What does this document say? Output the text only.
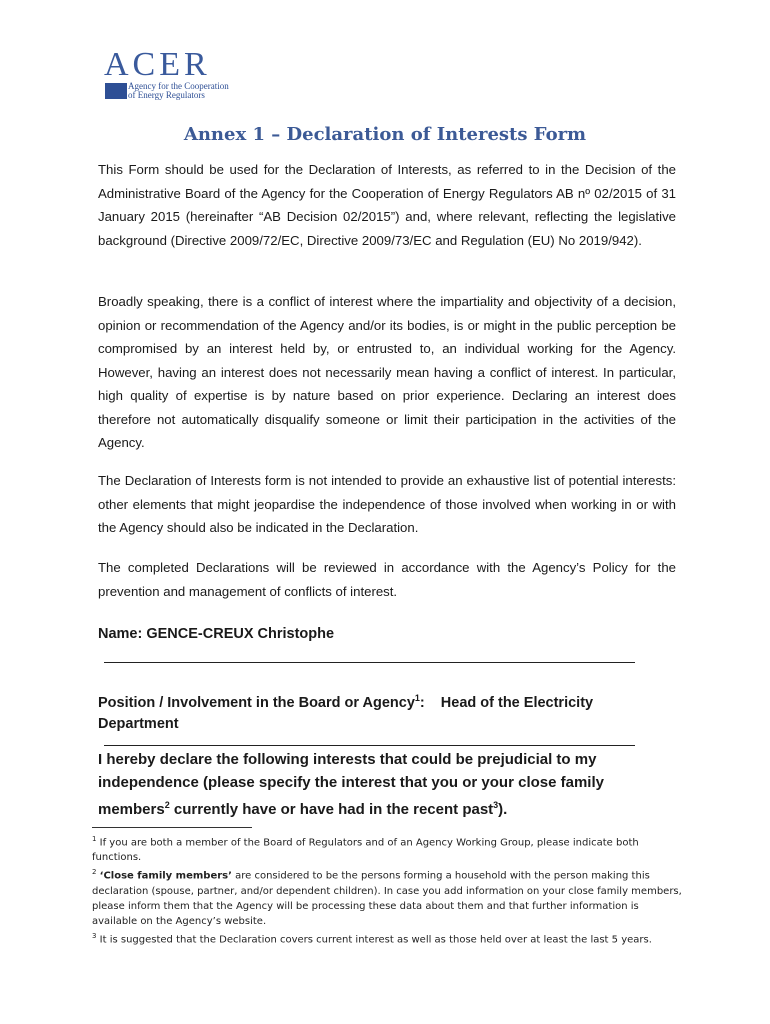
ACER
Agency for the Cooperation
of Energy Regulators
Annex 1 – Declaration of Interests Form

This Form should be used for the Declaration of Interests, as referred to in the Decision of the Administrative Board of the Agency for the Cooperation of Energy Regulators AB nº 02/2015 of 31 January 2015 (hereinafter “AB Decision 02/2015”) and, where relevant, reflecting the legislative background (Directive 2009/72/EC, Directive 2009/73/EC and Regulation (EU) No 2019/942).

Broadly speaking, there is a conflict of interest where the impartiality and objectivity of a decision, opinion or recommendation of the Agency and/or its bodies, is or might in the public perception be compromised by an interest held by, or entrusted to, an individual working for the Agency. However, having an interest does not necessarily mean having a conflict of interest. In particular, high quality of expertise is by nature based on prior experience. Declaring an interest does therefore not automatically disqualify someone or limit their participation in the activities of the Agency.

The Declaration of Interests form is not intended to provide an exhaustive list of potential interests: other elements that might jeopardise the independence of those involved when working in or with the Agency should also be indicated in the Declaration.

The completed Declarations will be reviewed in accordance with the Agency’s Policy for the prevention and management of conflicts of interest.

Name: GENCE-CREUX Christophe
Position / Involvement in the Board or Agency$^1$: Head of the Electricity
Department
I hereby declare the following interests that could be prejudicial to my independence (please specify the interest that you or your close family members$^2$ currently have or have had in the recent past$^3$).

$^1$ If you are both a member of the Board of Regulators and of an Agency Working Group, please indicate both functions.

$^2$ ‘Close family members’ are considered to be the persons forming a household with the person making this declaration (spouse, partner, and/or dependent children). In case you add information on your close family members, please inform them that the Agency will be processing these data about them and that further information is available on the Agency’s website.

$^3$ It is suggested that the Declaration covers current interest as well as those held over at least the last 5 years.
